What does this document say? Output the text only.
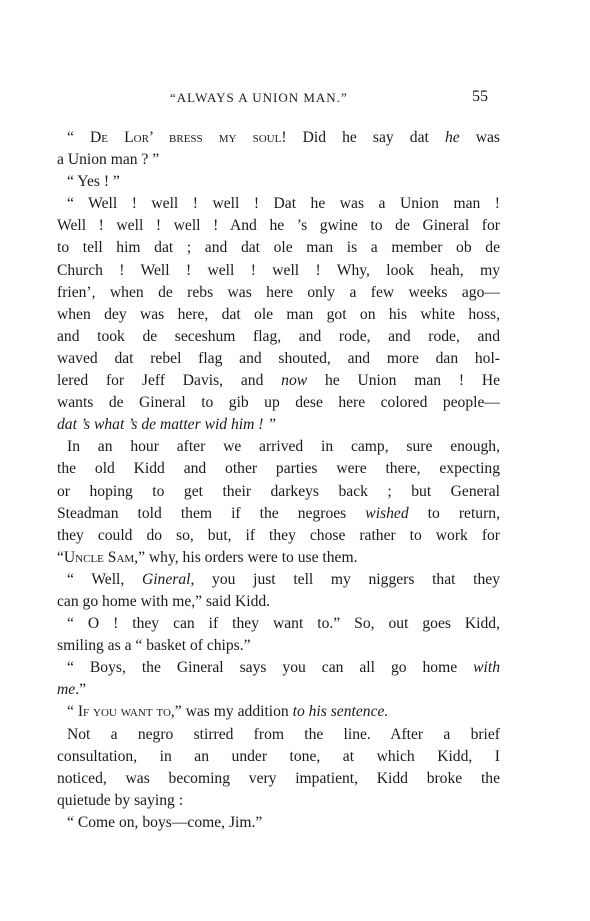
“ALWAYS A UNION MAN.”	55
“ De Lor’ bress my soul! Did he say dat he was
a Union man ? ”
“ Yes ! ”
“ Well ! well ! well ! Dat he was a Union man !
Well ! well ! well ! And he ’s gwine to de Gineral for
to tell him dat ; and dat ole man is a member ob de
Church ! Well ! well ! well ! Why, look heah, my
frien’, when de rebs was here only a few weeks ago—
when dey was here, dat ole man got on his white hoss,
and took de seceshum flag, and rode, and rode, and
waved dat rebel flag and shouted, and more dan hol-
lered for Jeff Davis, and now he Union man ! He
wants de Gineral to gib up dese here colored people—
dat ’s what ’s de matter wid him ! ”
In an hour after we arrived in camp, sure enough,
the old Kidd and other parties were there, expecting
or hoping to get their darkeys back ; but General
Steadman told them if the negroes wished to return,
they could do so, but, if they chose rather to work for
“Uncle Sam,” why, his orders were to use them.
“ Well, Gineral, you just tell my niggers that they
can go home with me,” said Kidd.
“ O ! they can if they want to.” So, out goes Kidd,
smiling as a “ basket of chips.”
“ Boys, the Gineral says you can all go home with
me.”
“ If you want to,” was my addition to his sentence.
Not a negro stirred from the line. After a brief
consultation, in an under tone, at which Kidd, I
noticed, was becoming very impatient, Kidd broke the
quietude by saying :
“ Come on, boys—come, Jim.”
